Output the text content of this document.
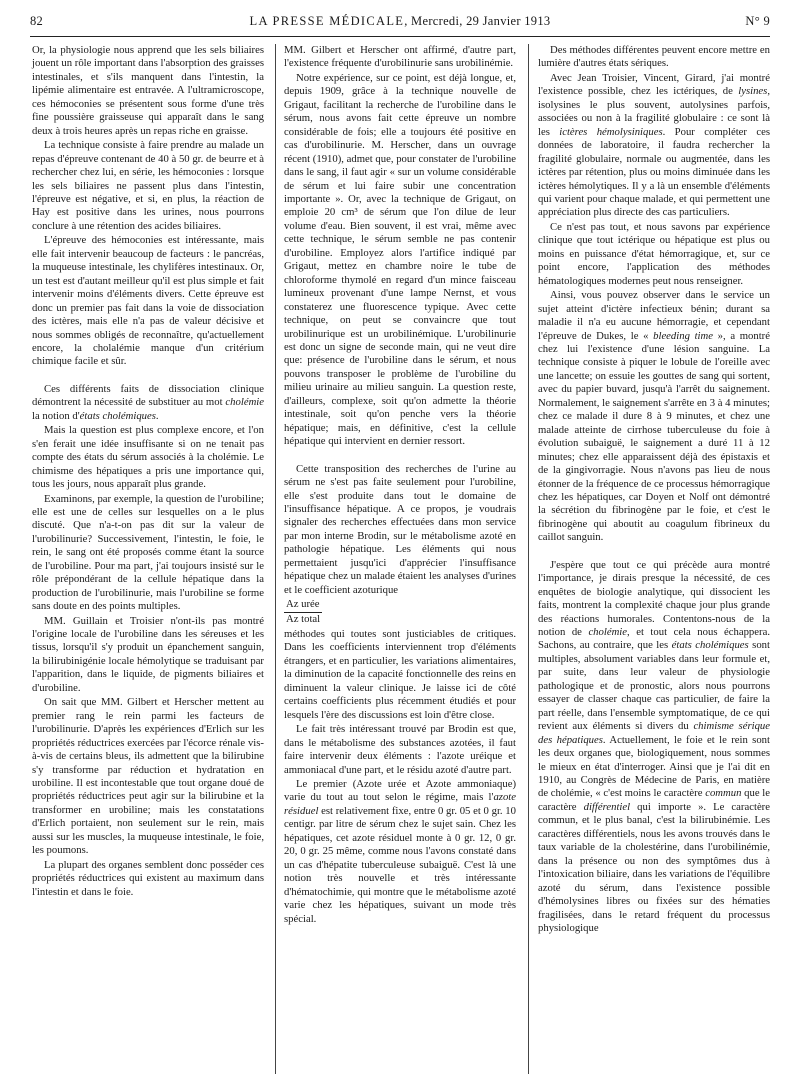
82	LA PRESSE MÉDICALE, Mercredi, 29 Janvier 1913	N° 9

Or, la physiologie nous apprend que les sels biliaires jouent un rôle important dans l'absorption des graisses intestinales, et s'ils manquent dans l'intestin, la lipémie alimentaire est entravée. A l'ultramicroscope, ces hémoconies se présentent sous forme d'une très fine poussière graisseuse qui apparaît dans le sang deux à trois heures après un repas riche en graisse.

La technique consiste à faire prendre au malade un repas d'épreuve contenant de 40 à 50 gr. de beurre et à rechercher chez lui, en série, les hémoconies : lorsque les sels biliaires ne passent plus dans l'intestin, l'épreuve est négative, et si, en plus, la réaction de Hay est positive dans les urines, nous pourrons conclure à une rétention des acides biliaires.

L'épreuve des hémoconies est intéressante, mais elle fait intervenir beaucoup de facteurs : le pancréas, la muqueuse intestinale, les chylifères intestinaux. Or, un test est d'autant meilleur qu'il est plus simple et fait intervenir moins d'éléments divers. Cette épreuve est donc un premier pas fait dans la voie de dissociation des ictères, mais elle n'a pas de valeur décisive et nous sommes obligés de reconnaître, qu'actuellement encore, la cholalémie manque d'un critérium chimique facile et sûr.

Ces différents faits de dissociation clinique démontrent la nécessité de substituer au mot cholémie la notion d'états cholémiques.

Mais la question est plus complexe encore, et l'on s'en ferait une idée insuffisante si on ne tenait pas compte des états du sérum associés à la cholémie. Le chimisme des hépatiques a pris une importance qui, tous les jours, nous apparaît plus grande.

Examinons, par exemple, la question de l'urobiline; elle est une de celles sur lesquelles on a le plus discuté. Que n'a-t-on pas dit sur la valeur de l'urobilinurie? Successivement, l'intestin, le foie, le rein, le sang ont été proposés comme étant la source de l'urobiline. Pour ma part, j'ai toujours insisté sur le rôle prépondérant de la cellule hépatique dans la production de l'urobilinurie, mais l'urobiline se forme sans doute en des points multiples.

MM. Guillain et Troisier n'ont-ils pas montré l'origine locale de l'urobiline dans les séreuses et les tissus, lorsqu'il s'y produit un épanchement sanguin, la bilirubinigénie locale hémolytique se traduisant par l'apparition, dans le liquide, de pigments biliaires et d'urobiline.

On sait que MM. Gilbert et Herscher mettent au premier rang le rein parmi les facteurs de l'urobilinurie. D'après les expériences d'Erlich sur les propriétés réductrices exercées par l'écorce rénale vis-à-vis de certains bleus, ils admettent que la bilirubine s'y transforme par réduction et hydratation en urobiline. Il est incontestable que tout organe doué de propriétés réductrices peut agir sur la bilirubine et la transformer en urobiline; mais les constatations d'Erlich portaient, non seulement sur le rein, mais aussi sur les muscles, la muqueuse intestinale, le foie, les poumons.

La plupart des organes semblent donc posséder ces propriétés réductrices qui existent au maximum dans l'intestin et dans le foie.

MM. Gilbert et Herscher ont affirmé, d'autre part, l'existence fréquente d'urobilinurie sans urobilinémie.

Notre expérience, sur ce point, est déjà longue, et, depuis 1909, grâce à la technique nouvelle de Grigaut, facilitant la recherche de l'urobiline dans le sérum, nous avons fait cette épreuve un nombre considérable de fois; elle a toujours été positive en cas d'urobilinurie. M. Herscher, dans un ouvrage récent (1910), admet que, pour constater de l'urobiline dans le sang, il faut agir « sur un volume considérable de sérum et lui faire subir une concentration importante ». Or, avec la technique de Grigaut, on emploie 20 cm³ de sérum que l'on dilue de leur volume d'eau. Bien souvent, il est vrai, même avec cette technique, le sérum semble ne pas contenir d'urobiline. Employez alors l'artifice indiqué par Grigaut, mettez en chambre noire le tube de chloroforme thymolé en regard d'un mince faisceau lumineux provenant d'une lampe Nernst, et vous constaterez une fluorescence typique. Avec cette technique, on peut se convaincre que tout urobilinurique est un urobilinémique. L'urobilinurie est donc un signe de seconde main, qui ne veut dire que: présence de l'urobiline dans le sérum, et nous pouvons transposer le problème de l'urobiline du milieu urinaire au milieu sanguin. La question reste, d'ailleurs, complexe, soit qu'on admette la théorie intestinale, soit qu'on penche vers la théorie hépatique; mais, en définitive, c'est la cellule hépatique qui intervient en dernier ressort.

Cette transposition des recherches de l'urine au sérum ne s'est pas faite seulement pour l'urobiline, elle s'est produite dans tout le domaine de l'insuffisance hépatique. A ce propos, je voudrais signaler des recherches effectuées dans mon service par mon interne Brodin, sur le métabolisme azoté en pathologie hépatique. Les éléments qui nous permettaient jusqu'ici d'apprécier l'insuffisance hépatique chez un malade étaient les analyses d'urines et le coefficient azoturique

$\frac{\text{Az urée}}{\text{Az total}}$

méthodes qui toutes sont justiciables de critiques. Dans les coefficients interviennent trop d'éléments étrangers, et en particulier, les variations alimentaires, la diminution de la capacité fonctionnelle des reins en diminuent la valeur clinique. Je laisse ici de côté certains coefficients plus récemment étudiés et pour lesquels l'ère des discussions est loin d'être close.

Le fait très intéressant trouvé par Brodin est que, dans le métabolisme des substances azotées, il faut faire intervenir deux éléments : l'azote uréique et ammoniacal d'une part, et le résidu azoté d'autre part.

Le premier (Azote urée et Azote ammoniaque) varie du tout au tout selon le régime, mais l'azote résiduel est relativement fixe, entre 0 gr. 05 et 0 gr. 10 centigr. par litre de sérum chez le sujet sain. Chez les hépatiques, cet azote résiduel monte à 0 gr. 12, 0 gr. 20, 0 gr. 25 même, comme nous l'avons constaté dans un cas d'hépatite tuberculeuse subaiguë. C'est là une notion très nouvelle et très intéressante d'hématochimie, qui montre que le métabolisme azoté varie chez les hépatiques, suivant un mode très spécial.

Des méthodes différentes peuvent encore mettre en lumière d'autres états sériques.

Avec Jean Troisier, Vincent, Girard, j'ai montré l'existence possible, chez les ictériques, de lysines, isolysines le plus souvent, autolysines parfois, associées ou non à la fragilité globulaire : ce sont là les ictères hémolysiniques. Pour compléter ces données de laboratoire, il faudra rechercher la fragilité globulaire, normale ou augmentée, dans les ictères par rétention, plus ou moins diminuée dans les ictères hémolytiques. Il y a là un ensemble d'éléments qui varient pour chaque malade, et qui permettent une appréciation plus directe des cas particuliers.

Ce n'est pas tout, et nous savons par expérience clinique que tout ictérique ou hépatique est plus ou moins en puissance d'état hémorragique, et, sur ce point encore, l'application des méthodes hématologiques modernes peut nous renseigner.

Ainsi, vous pouvez observer dans le service un sujet atteint d'ictère infectieux bénin; durant sa maladie il n'a eu aucune hémorragie, et cependant l'épreuve de Dukes, le « bleeding time », a montré chez lui l'existence d'une lésion sanguine. La technique consiste à piquer le lobule de l'oreille avec une lancette; on essuie les gouttes de sang qui sortent, avec du papier buvard, jusqu'à l'arrêt du saignement. Normalement, le saignement s'arrête en 3 à 4 minutes; chez ce malade il dure 8 à 9 minutes, et chez une malade atteinte de cirrhose tuberculeuse du foie à évolution subaiguë, le saignement a duré 11 à 12 minutes; chez elle apparaissent déjà des épistaxis et de la gingivorragie. Nous n'avons pas lieu de nous étonner de la fréquence de ce processus hémorragique chez les hépatiques, car Doyen et Nolf ont démontré la sécrétion du fibrinogène par le foie, et c'est le fibrinogène qui aboutit au coagulum fibrineux du caillot sanguin.

J'espère que tout ce qui précède aura montré l'importance, je dirais presque la nécessité, de ces enquêtes de biologie analytique, qui dissocient les faits, montrent la complexité chaque jour plus grande des réactions humorales. Contentons-nous de la notion de cholémie, et tout cela nous échappera. Sachons, au contraire, que les états cholémiques sont multiples, absolument variables dans leur formule et, par suite, dans leur valeur de physiologie pathologique et de pronostic, alors nous pourrons essayer de classer chaque cas particulier, de faire la part réelle, dans l'ensemble symptomatique, de ce qui revient aux éléments si divers du chimisme sérique des hépatiques. Actuellement, le foie et le rein sont les deux organes que, biologiquement, nous sommes le mieux en état d'interroger. Ainsi que je l'ai dit en 1910, au Congrès de Médecine de Paris, en matière de cholémie, « c'est moins le caractère commun que le caractère différentiel qui importe ». Le caractère commun, et le plus banal, c'est la bilirubinémie. Les caractères différentiels, nous les avons trouvés dans le taux variable de la cholestérine, dans l'urobilinémie, dans la présence ou non des symptômes dus à l'intoxication biliaire, dans les variations de l'équilibre azoté du sérum, dans l'existence possible d'hémolysines libres ou fixées sur des hématies fragilisées, dans le retard fréquent du processus physiologique
